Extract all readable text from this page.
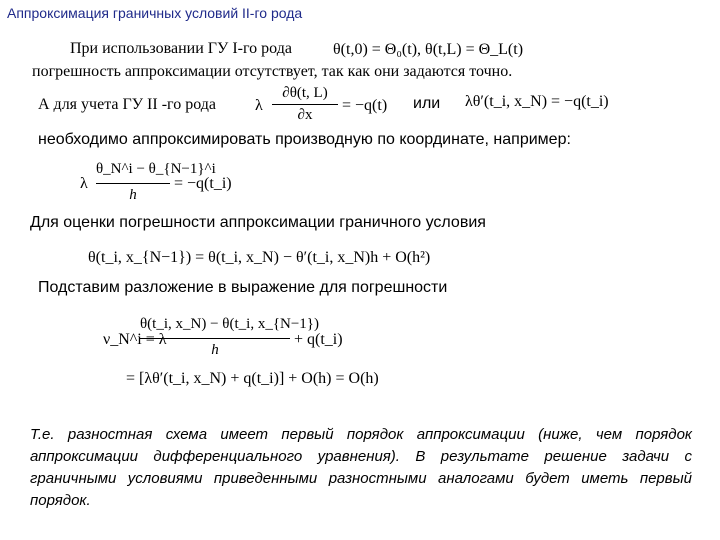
Аппроксимация граничных условий II-го рода
При использовании ГУ I-го рода	θ(t,0) = Θ₀(t), θ(t,L) = Θ_L(t)
погрешность аппроксимации отсутствует, так как они задаются точно.
А для учета ГУ II -го рода λ
∂θ(t, L)
∂x
= −q(t) или λθ′(t_i, x_N) = −q(t_i)
необходимо аппроксимировать производную по координате, например:
λ
θ_N^i − θ_{N−1}^i
h
= −q(t_i)
Для оценки погрешности аппроксимации граничного условия
θ(t_i, x_{N−1}) = θ(t_i, x_N) − θ′(t_i, x_N)h + O(h²)
Подставим разложение в выражение для погрешности
ν_N^i = λ
θ(t_i, x_N) − θ(t_i, x_{N−1})
h
+ q(t_i)
= [λθ′(t_i, x_N) + q(t_i)] + O(h) = O(h)
Т.е. разностная схема имеет первый порядок аппроксимации (ниже, чем порядок аппроксимации дифференциального уравнения). В результате решение задачи с граничными условиями приведенными разностными аналогами будет иметь первый порядок.
